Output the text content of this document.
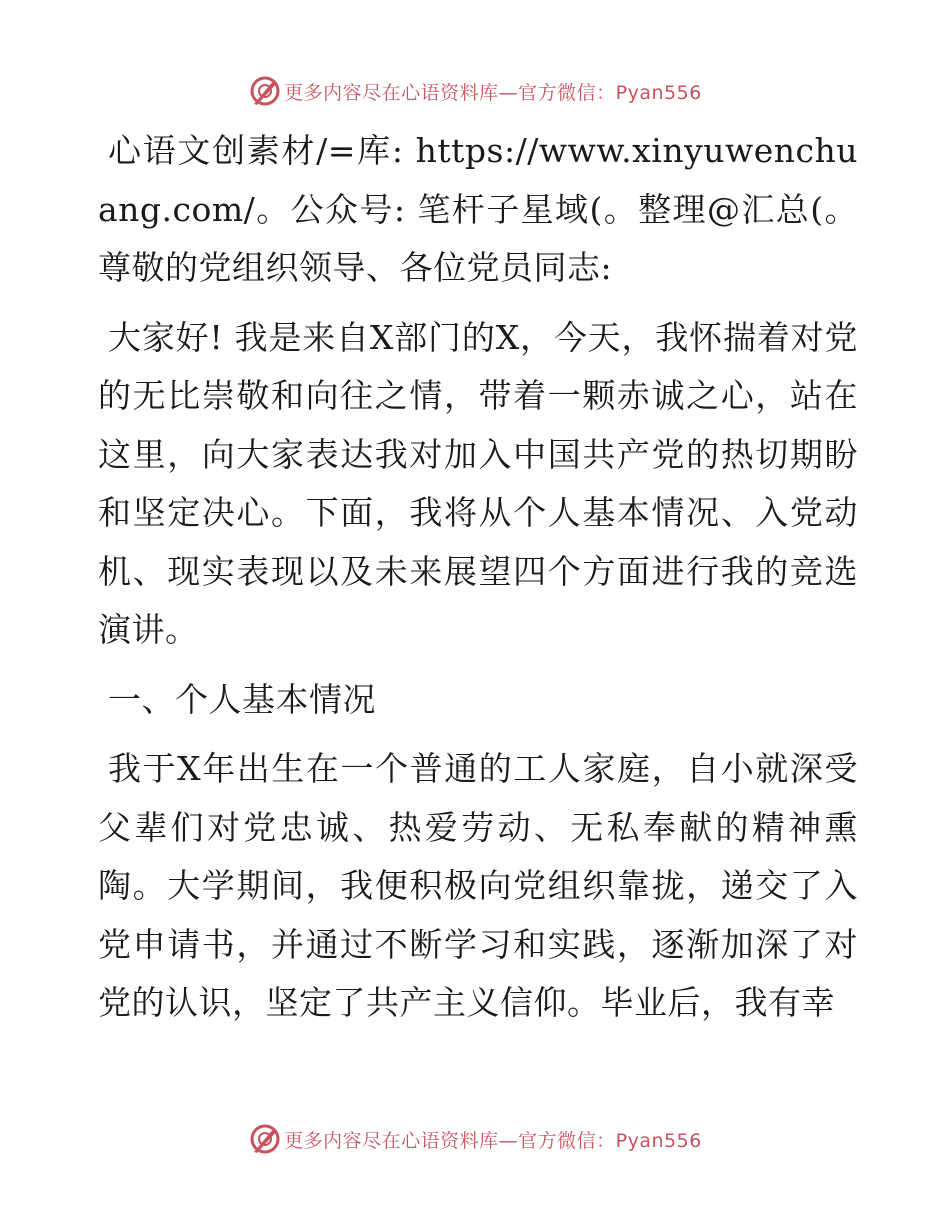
更多内容尽在心语资料库—官方微信：Pyan556

心语文创素材/=库: https://www.xinyuwenchuang.com/。公众号: 笔杆子星域(。整理@汇总(。尊敬的党组织领导、各位党员同志:

大家好! 我是来自X部门的X，今天，我怀揣着对党的无比崇敬和向往之情，带着一颗赤诚之心，站在这里，向大家表达我对加入中国共产党的热切期盼和坚定决心。下面，我将从个人基本情况、入党动机、现实表现以及未来展望四个方面进行我的竞选演讲。

一、个人基本情况

我于X年出生在一个普通的工人家庭，自小就深受父辈们对党忠诚、热爱劳动、无私奉献的精神熏陶。大学期间，我便积极向党组织靠拢，递交了入党申请书，并通过不断学习和实践，逐渐加深了对党的认识，坚定了共产主义信仰。毕业后，我有幸

更多内容尽在心语资料库—官方微信：Pyan556
